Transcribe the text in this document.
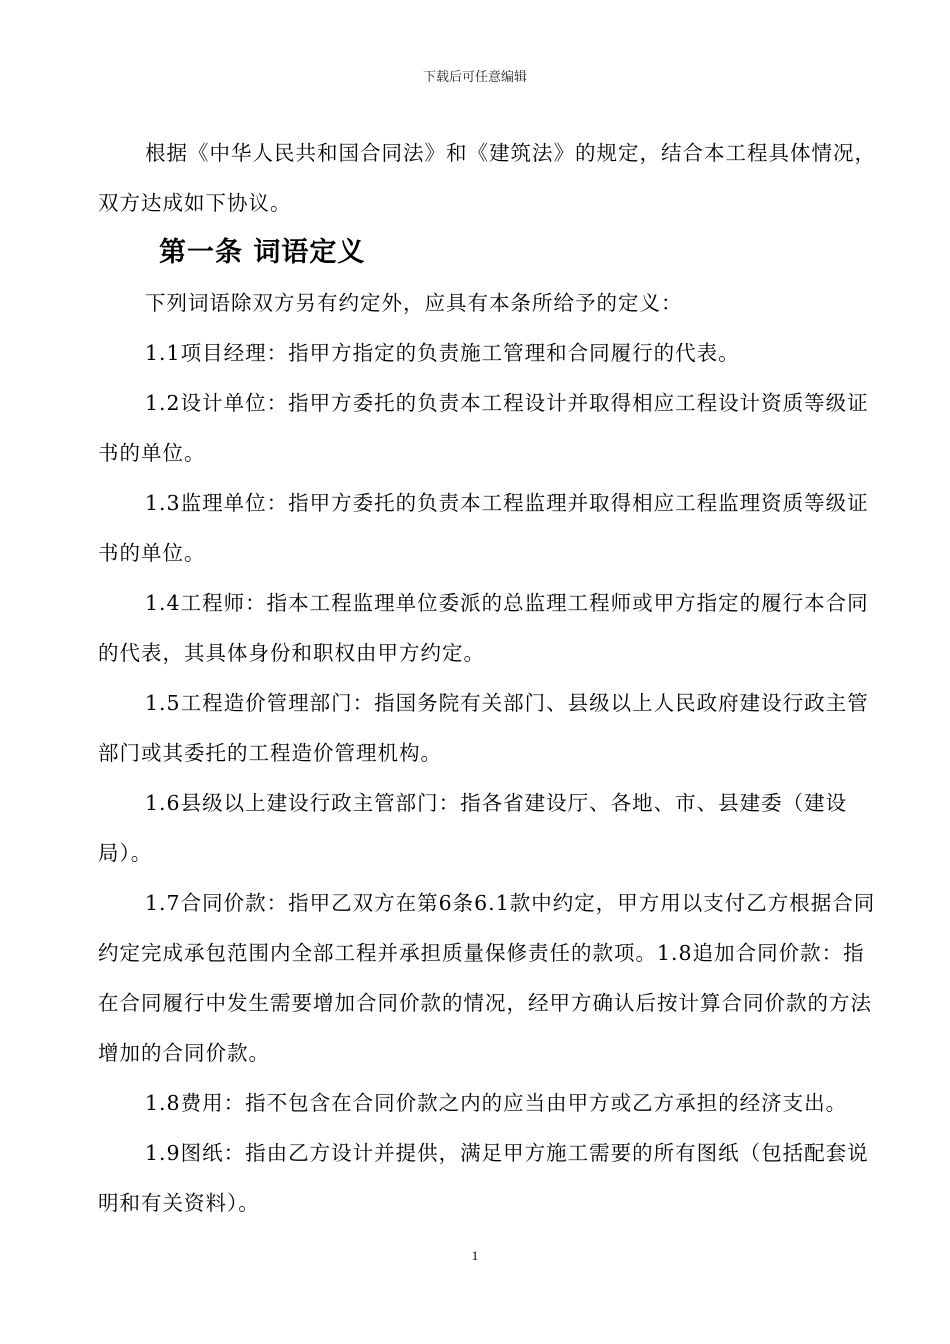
下载后可任意编辑

根据《中华人民共和国合同法》和《建筑法》的规定，结合本工程具体情况，双方达成如下协议。

第一条 词语定义

下列词语除双方另有约定外，应具有本条所给予的定义：

1.1项目经理：指甲方指定的负责施工管理和合同履行的代表。

1.2设计单位：指甲方委托的负责本工程设计并取得相应工程设计资质等级证书的单位。

1.3监理单位：指甲方委托的负责本工程监理并取得相应工程监理资质等级证书的单位。

1.4工程师：指本工程监理单位委派的总监理工程师或甲方指定的履行本合同的代表，其具体身份和职权由甲方约定。

1.5工程造价管理部门：指国务院有关部门、县级以上人民政府建设行政主管部门或其委托的工程造价管理机构。

1.6县级以上建设行政主管部门：指各省建设厅、各地、市、县建委（建设局）。

1.7合同价款：指甲乙双方在第6条6.1款中约定，甲方用以支付乙方根据合同约定完成承包范围内全部工程并承担质量保修责任的款项。1.8追加合同价款：指在合同履行中发生需要增加合同价款的情况，经甲方确认后按计算合同价款的方法　增加的合同价款。

1.8费用：指不包含在合同价款之内的应当由甲方或乙方承担的经济支出。

1.9图纸：指由乙方设计并提供，满足甲方施工需要的所有图纸（包括配套说明和有关资料）。

1
